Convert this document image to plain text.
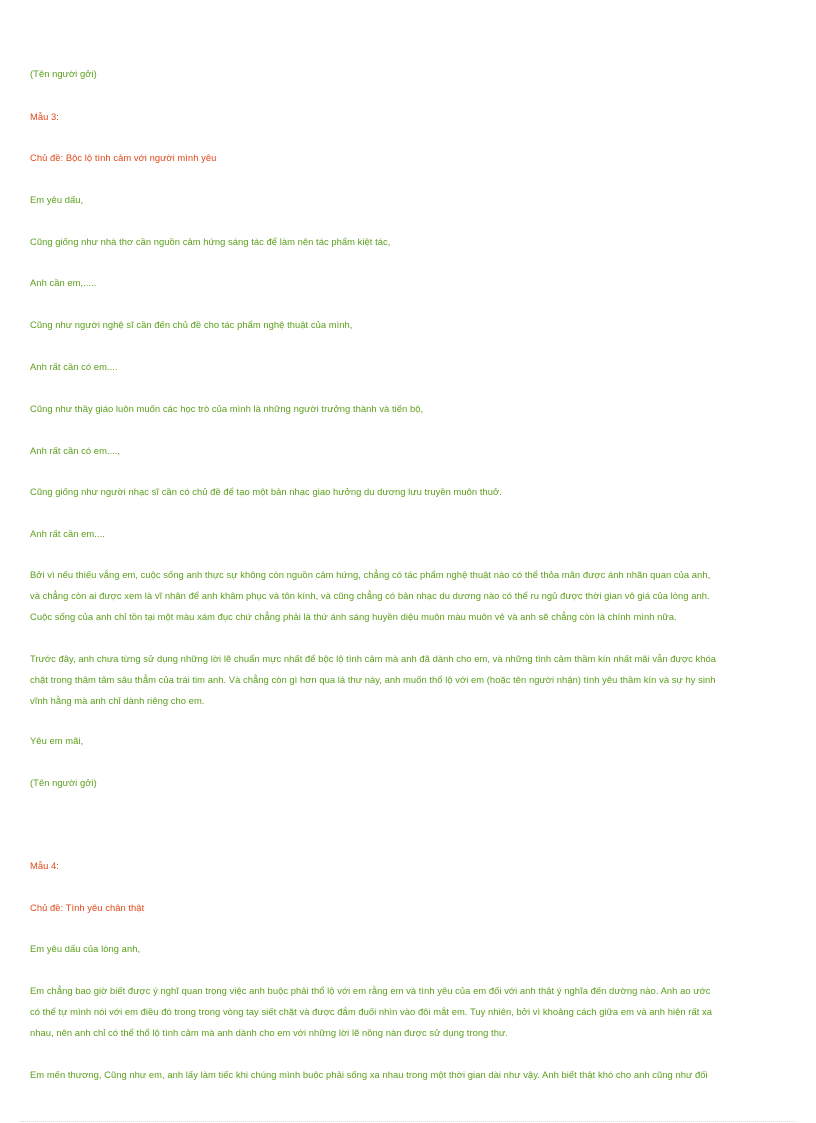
(Tên người gởi)

Mẫu 3:

Chủ đề: Bộc lộ tình cảm với người mình yêu

Em yêu dấu,

Cũng giống như nhà thơ cần nguồn cảm hứng sáng tác để làm nên tác phẩm kiệt tác,

Anh cần em,.....

Cũng như người nghệ sĩ cần đến chủ đề cho tác phẩm nghệ thuật của mình,

Anh rất cần có em....

Cũng như thầy giáo luôn muốn các học trò của mình là những người trưởng thành và tiến bộ,

Anh rất cần có em....,

Cũng giống như người nhạc sĩ cần có chủ đề để tạo một bản nhạc giao hưởng du dương lưu truyền muôn thuở.

Anh rất cần em....

Bởi vì nếu thiếu vắng em, cuộc sống anh thực sự không còn nguồn cảm hứng, chẳng có tác phẩm nghệ thuật nào có thể thỏa mãn được ánh nhãn quan của anh,
và chẳng còn ai được xem là vĩ nhân để anh khâm phục và tôn kính, và cũng chẳng có bản nhạc du dương nào có thể ru ngủ được thời gian vô giá của lòng anh.
Cuộc sống của anh chỉ tồn tại một màu xám đục chứ chẳng phải là thứ ánh sáng huyền diệu muôn màu muôn vẻ và anh sẽ chẳng còn là chính mình nữa.
Trước đây, anh chưa từng sử dụng những lời lẽ chuẩn mực nhất để bộc lộ tình cảm mà anh đã dành cho em, và những tình cảm thầm kín nhất mãi vẫn được khóa
chặt trong thâm tâm sâu thẳm của trái tim anh. Và chẳng còn gì hơn qua lá thư này, anh muốn thổ lộ với em (hoặc tên người nhận) tình yêu thầm kín và sự hy sinh
vĩnh hằng mà anh chỉ dành riêng cho em.

Yêu em mãi,

(Tên người gởi)

Mẫu 4:

Chủ đề: Tình yêu chân thật

Em yêu dấu của lòng anh,

Em chẳng bao giờ biết được ý nghĩ quan trọng việc anh buộc phải thổ lộ với em rằng em và tình yêu của em đối với anh thật ý nghĩa đến dường nào. Anh ao ước
có thể tự mình nói với em điều đó trong trong vòng tay siết chặt và được đắm đuối nhìn vào đôi mắt em. Tuy nhiên, bởi vì khoảng cách giữa em và anh hiện rất xa
nhau, nên anh chỉ có thể thổ lộ tình cảm mà anh dành cho em với những lời lẽ nồng nàn được sử dụng trong thư.

Em mến thương, Cũng như em, anh lấy làm tiếc khi chúng mình buộc phải sống xa nhau trong một thời gian dài như vậy. Anh biết thật khó cho anh cũng như đối
